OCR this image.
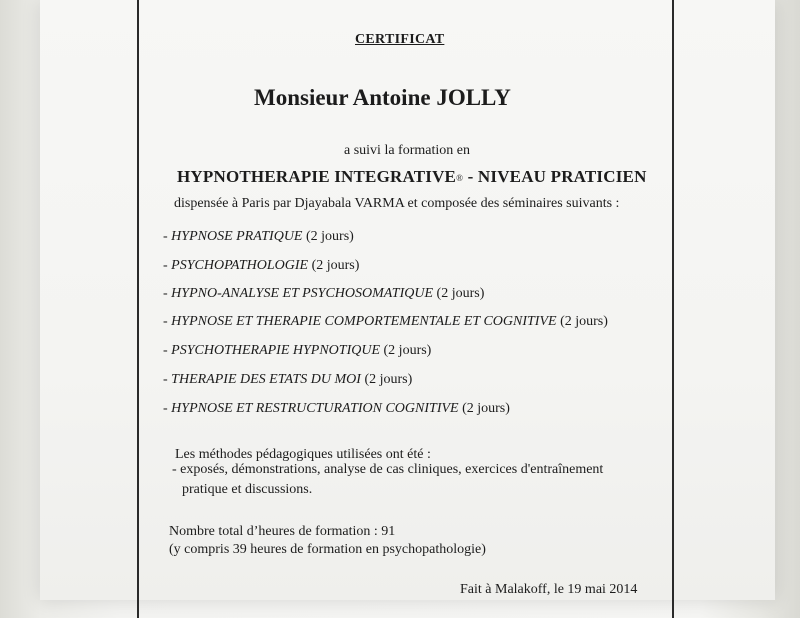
CERTIFICAT
Monsieur Antoine JOLLY
a suivi la formation en
HYPNOTHERAPIE INTEGRATIVE® - NIVEAU PRATICIEN
dispensée à Paris par Djayabala VARMA et composée des séminaires suivants :
- HYPNOSE PRATIQUE (2 jours)
- PSYCHOPATHOLOGIE (2 jours)
- HYPNO-ANALYSE ET PSYCHOSOMATIQUE (2 jours)
- HYPNOSE ET THERAPIE COMPORTEMENTALE ET COGNITIVE (2 jours)
- PSYCHOTHERAPIE HYPNOTIQUE (2 jours)
- THERAPIE DES ETATS DU MOI (2 jours)
- HYPNOSE ET RESTRUCTURATION COGNITIVE (2 jours)
Les méthodes pédagogiques utilisées ont été :
- exposés, démonstrations, analyse de cas cliniques, exercices d'entraînement
pratique et discussions.
Nombre total d’heures de formation : 91
(y compris 39 heures de formation en psychopathologie)
Fait à Malakoff, le 19 mai 2014
